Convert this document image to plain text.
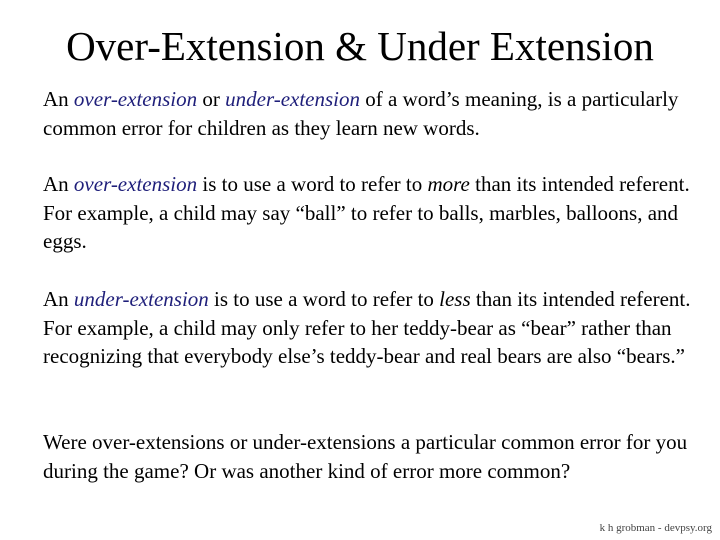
Over-Extension & Under Extension

An over-extension or under-extension of a word’s meaning, is a particularly common error for children as they learn new words.

An over-extension is to use a word to refer to more than its intended referent. For example, a child may say “ball” to refer to balls, marbles, balloons, and eggs.

An under-extension is to use a word to refer to less than its intended referent. For example, a child may only refer to her teddy-bear as “bear” rather than recognizing that everybody else’s teddy-bear and real bears are also “bears.”

Were over-extensions or under-extensions a particular common error for you during the game? Or was another kind of error more common?

k h grobman - devpsy.org
